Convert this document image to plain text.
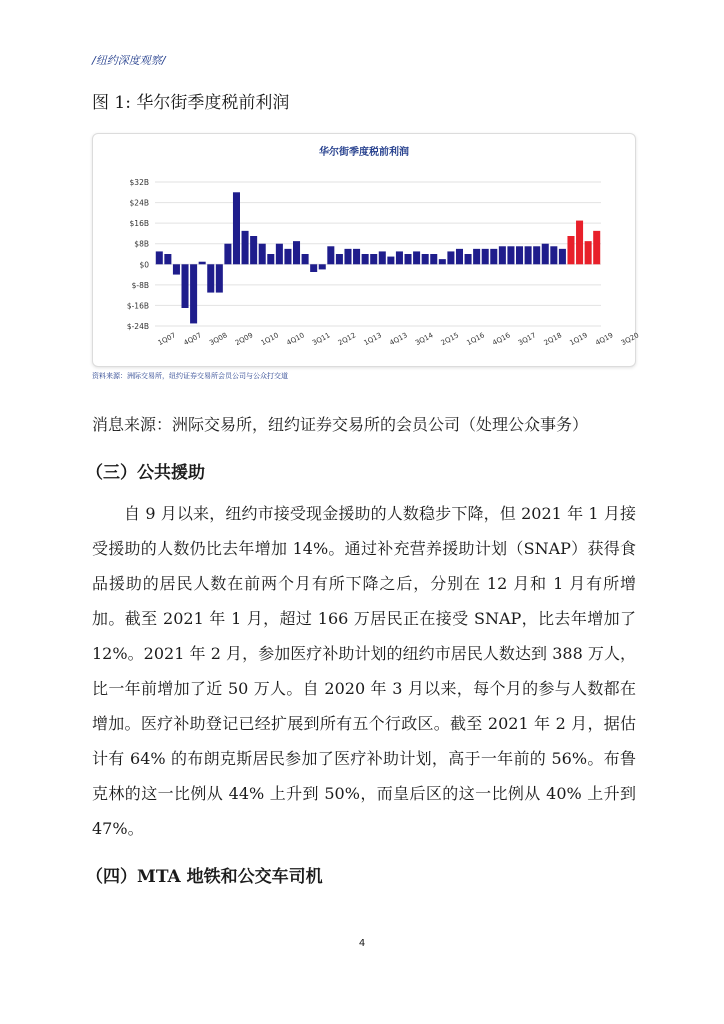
/纽约深度观察/
图 1: 华尔街季度税前利润
华尔街季度税前利润
$32B
$24B
$16B
$8B
$0
$-8B
$-16B
$-24B
1Q07 4Q07 3Q08 2Q09 1Q10 4Q10 3Q11 2Q12 1Q13 4Q13 3Q14 2Q15 1Q16 4Q16 3Q17 2Q18 1Q19 4Q19 3Q20
资料来源：洲际交易所，纽约证券交易所会员公司与公众打交道
消息来源：洲际交易所，纽约证券交易所的会员公司（处理公众事务）
（三）公共援助
自 9 月以来，纽约市接受现金援助的人数稳步下降，但 2021 年 1 月接受援助的人数仍比去年增加 14%。通过补充营养援助计划（SNAP）获得食品援助的居民人数在前两个月有所下降之后，分别在 12 月和 1 月有所增加。截至 2021 年 1 月，超过 166 万居民正在接受 SNAP，比去年增加了 12%。2021 年 2 月，参加医疗补助计划的纽约市居民人数达到 388 万人，比一年前增加了近 50 万人。自 2020 年 3 月以来，每个月的参与人数都在增加。医疗补助登记已经扩展到所有五个行政区。截至 2021 年 2 月，据估计有 64% 的布朗克斯居民参加了医疗补助计划，高于一年前的 56%。布鲁克林的这一比例从 44% 上升到 50%，而皇后区的这一比例从 40% 上升到 47%。
（四）MTA 地铁和公交车司机
4
